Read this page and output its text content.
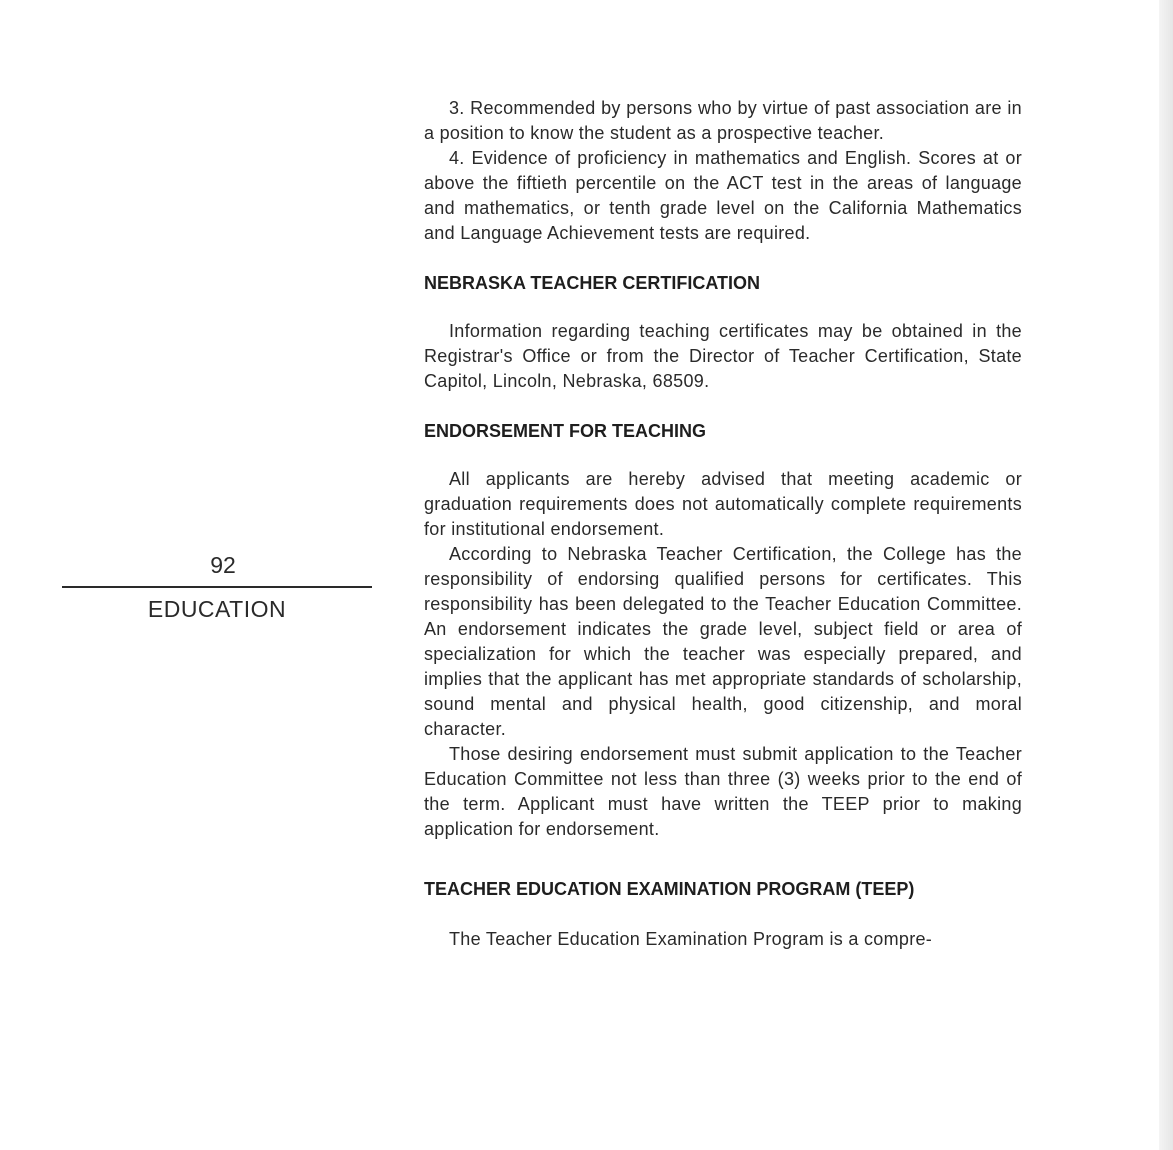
92

EDUCATION

3. Recommended by persons who by virtue of past association are in a position to know the student as a prospective teacher.

4. Evidence of proficiency in mathematics and English. Scores at or above the fiftieth percentile on the ACT test in the areas of language and mathematics, or tenth grade level on the California Mathematics and Language Achievement tests are required.

NEBRASKA TEACHER CERTIFICATION

Information regarding teaching certificates may be obtained in the Registrar's Office or from the Director of Teacher Certification, State Capitol, Lincoln, Nebraska, 68509.

ENDORSEMENT FOR TEACHING

All applicants are hereby advised that meeting academic or graduation requirements does not automatically complete requirements for institutional endorsement.

According to Nebraska Teacher Certification, the College has the responsibility of endorsing qualified persons for certificates. This responsibility has been delegated to the Teacher Education Committee. An endorsement indicates the grade level, subject field or area of specialization for which the teacher was especially prepared, and implies that the applicant has met appropriate standards of scholarship, sound mental and physical health, good citizenship, and moral character.

Those desiring endorsement must submit application to the Teacher Education Committee not less than three (3) weeks prior to the end of the term. Applicant must have written the TEEP prior to making application for endorsement.

TEACHER EDUCATION EXAMINATION PROGRAM (TEEP)

The Teacher Education Examination Program is a compre-
